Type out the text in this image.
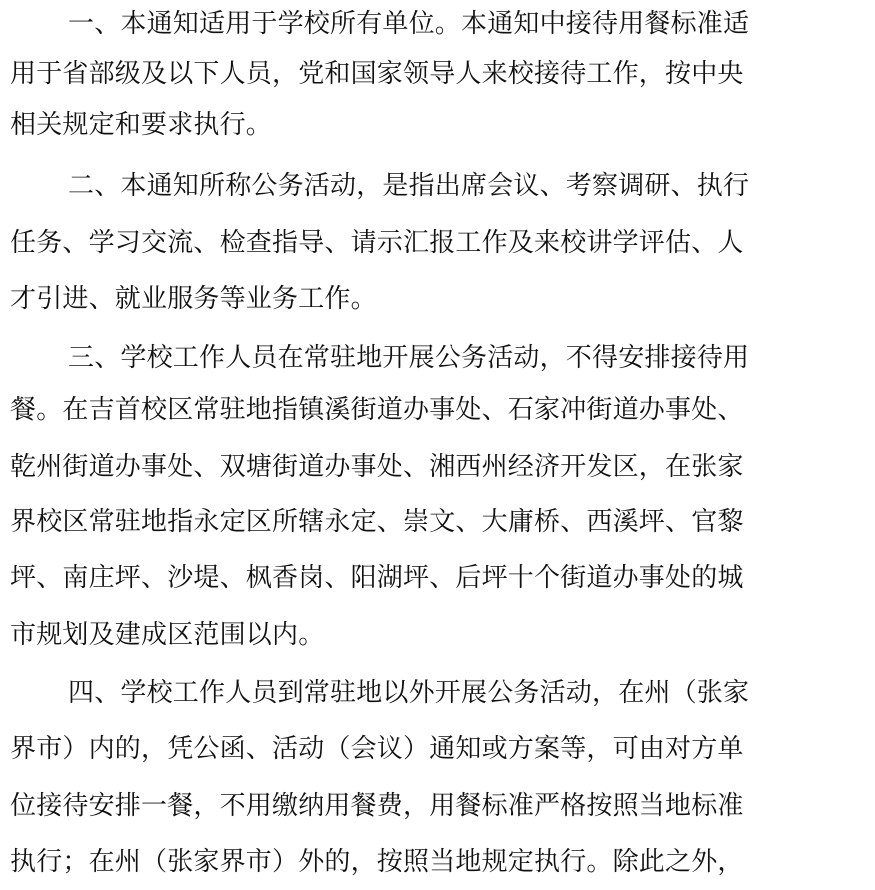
一、本通知适用于学校所有单位。本通知中接待用餐标准适
用于省部级及以下人员，党和国家领导人来校接待工作，按中央
相关规定和要求执行。
二、本通知所称公务活动，是指出席会议、考察调研、执行
任务、学习交流、检查指导、请示汇报工作及来校讲学评估、人
才引进、就业服务等业务工作。
三、学校工作人员在常驻地开展公务活动，不得安排接待用
餐。在吉首校区常驻地指镇溪街道办事处、石家冲街道办事处、
乾州街道办事处、双塘街道办事处、湘西州经济开发区，在张家
界校区常驻地指永定区所辖永定、崇文、大庸桥、西溪坪、官黎
坪、南庄坪、沙堤、枫香岗、阳湖坪、后坪十个街道办事处的城
市规划及建成区范围以内。
四、学校工作人员到常驻地以外开展公务活动，在州（张家
界市）内的，凭公函、活动（会议）通知或方案等，可由对方单
位接待安排一餐，不用缴纳用餐费，用餐标准严格按照当地标准
执行；在州（张家界市）外的，按照当地规定执行。除此之外，
